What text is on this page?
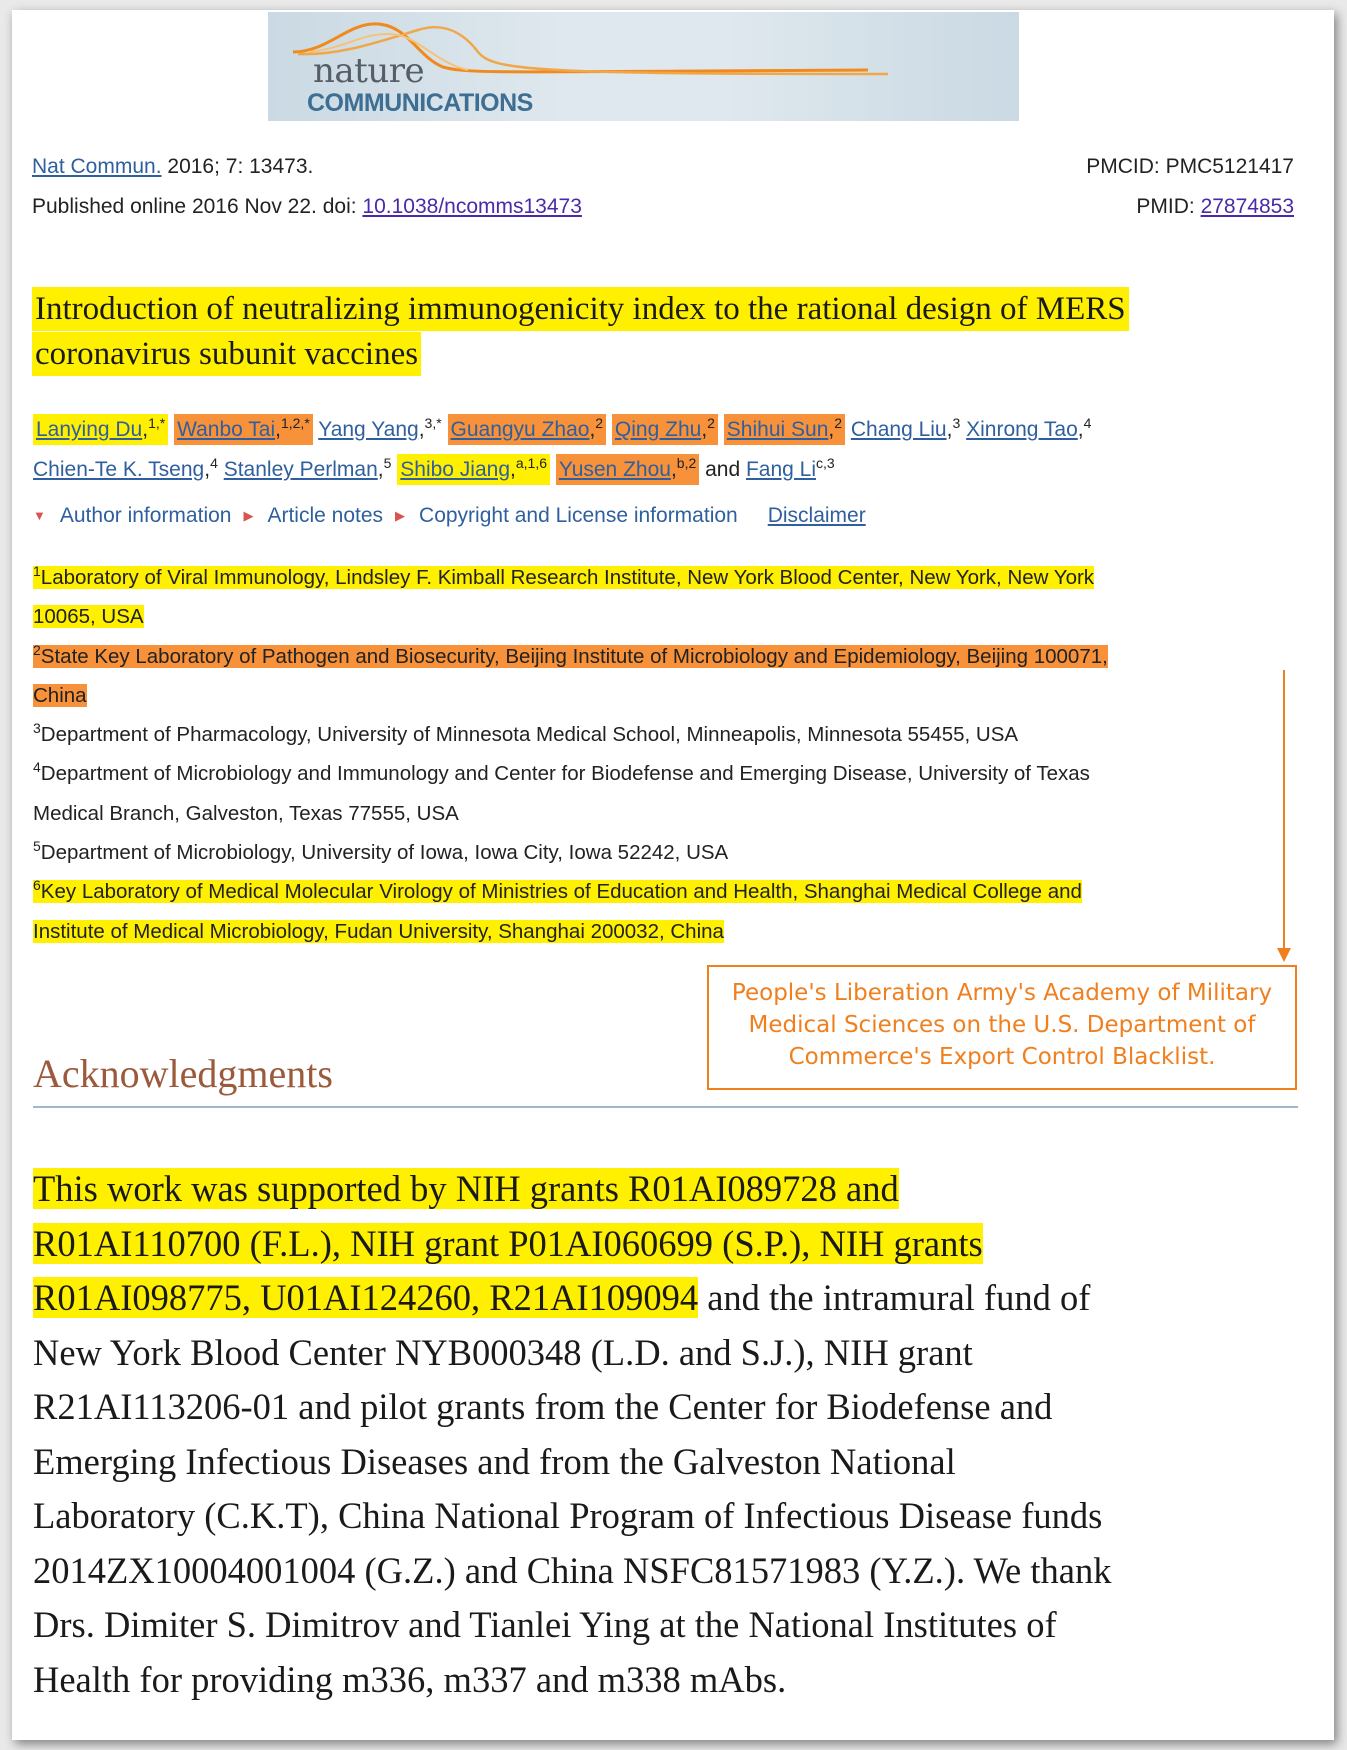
nature
COMMUNICATIONS
Nat Commun. 2016; 7: 13473.	PMCID: PMC5121417
Published online 2016 Nov 22. doi: 10.1038/ncomms13473	PMID: 27874853
Introduction of neutralizing immunogenicity index to the rational design of MERS
coronavirus subunit vaccines
Lanying Du,$^{1,*}$ Wanbo Tai,$^{1,2,*}$ Yang Yang,$^{3,*}$ Guangyu Zhao,$^2$ Qing Zhu,$^2$ Shihui Sun,$^2$ Chang Liu,$^3$ Xinrong Tao,$^4$
Chien-Te K. Tseng,$^4$ Stanley Perlman,$^5$ Shibo Jiang,$^{a,1,6}$ Yusen Zhou,$^{b,2}$ and Fang Li$^{c,3}$
▼ Author information ▶ Article notes ▶ Copyright and License information Disclaimer
$^1$Laboratory of Viral Immunology, Lindsley F. Kimball Research Institute, New York Blood Center, New York, New York
10065, USA
$^2$State Key Laboratory of Pathogen and Biosecurity, Beijing Institute of Microbiology and Epidemiology, Beijing 100071,
China
$^3$Department of Pharmacology, University of Minnesota Medical School, Minneapolis, Minnesota 55455, USA
$^4$Department of Microbiology and Immunology and Center for Biodefense and Emerging Disease, University of Texas
Medical Branch, Galveston, Texas 77555, USA
$^5$Department of Microbiology, University of Iowa, Iowa City, Iowa 52242, USA
$^6$Key Laboratory of Medical Molecular Virology of Ministries of Education and Health, Shanghai Medical College and
Institute of Medical Microbiology, Fudan University, Shanghai 200032, China

People's Liberation Army's Academy of Military
Medical Sciences on the U.S. Department of
Commerce's Export Control Blacklist.
Acknowledgments
This work was supported by NIH grants R01AI089728 and
R01AI110700 (F.L.), NIH grant P01AI060699 (S.P.), NIH grants
R01AI098775, U01AI124260, R21AI109094 and the intramural fund of
New York Blood Center NYB000348 (L.D. and S.J.), NIH grant
R21AI113206-01 and pilot grants from the Center for Biodefense and
Emerging Infectious Diseases and from the Galveston National
Laboratory (C.K.T), China National Program of Infectious Disease funds
2014ZX10004001004 (G.Z.) and China NSFC81571983 (Y.Z.). We thank
Drs. Dimiter S. Dimitrov and Tianlei Ying at the National Institutes of
Health for providing m336, m337 and m338 mAbs.
